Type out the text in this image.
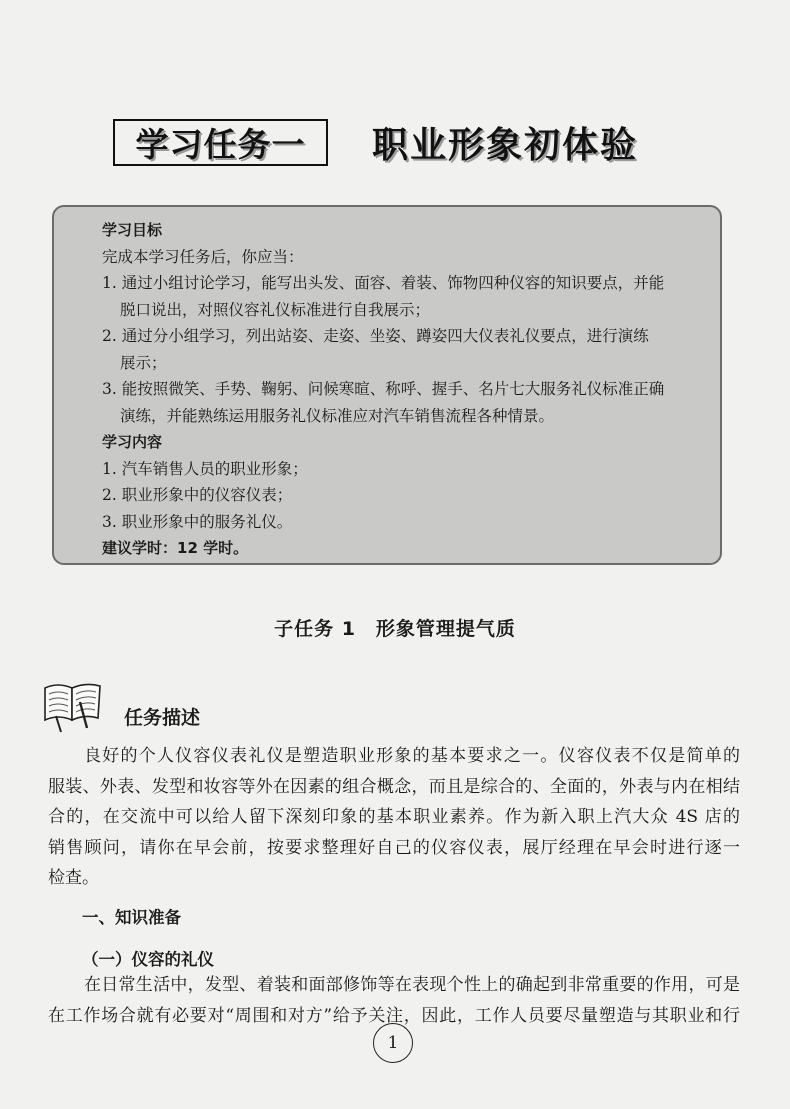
学习任务一 职业形象初体验
学习目标
完成本学习任务后，你应当：
1. 通过小组讨论学习，能写出头发、面容、着装、饰物四种仪容的知识要点，并能
脱口说出，对照仪容礼仪标准进行自我展示；
2. 通过分小组学习，列出站姿、走姿、坐姿、蹲姿四大仪表礼仪要点，进行演练
展示；
3. 能按照微笑、手势、鞠躬、问候寒暄、称呼、握手、名片七大服务礼仪标准正确
演练，并能熟练运用服务礼仪标准应对汽车销售流程各种情景。
学习内容
1. 汽车销售人员的职业形象；
2. 职业形象中的仪容仪表；
3. 职业形象中的服务礼仪。
建议学时：12 学时。
子任务 1　形象管理提气质
任务描述
良好的个人仪容仪表礼仪是塑造职业形象的基本要求之一。仪容仪表不仅是简单的
服装、外表、发型和妆容等外在因素的组合概念，而且是综合的、全面的，外表与内在相结
合的，在交流中可以给人留下深刻印象的基本职业素养。作为新入职上汽大众 4S 店的
销售顾问，请你在早会前，按要求整理好自己的仪容仪表，展厅经理在早会时进行逐一
检查。
一、知识准备
（一）仪容的礼仪
在日常生活中，发型、着装和面部修饰等在表现个性上的确起到非常重要的作用，可是
在工作场合就有必要对“周围和对方”给予关注，因此，工作人员要尽量塑造与其职业和行
1
